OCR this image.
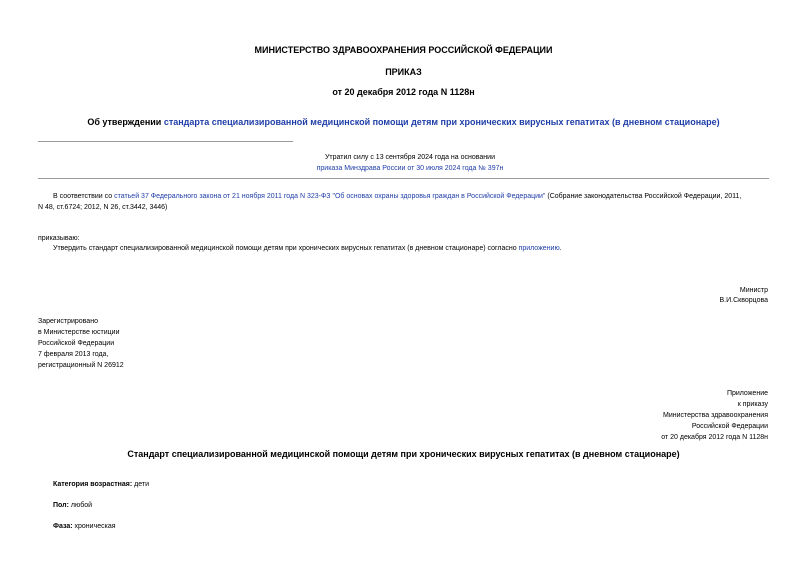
МИНИСТЕРСТВО ЗДРАВООХРАНЕНИЯ РОССИЙСКОЙ ФЕДЕРАЦИИ
ПРИКАЗ
от 20 декабря 2012 года N 1128н
Об утверждении стандарта специализированной медицинской помощи детям при хронических вирусных гепатитах (в дневном стационаре)
Утратил силу с 13 сентября 2024 года на основании
приказа Минздрава России от 30 июля 2024 года № 397н
В соответствии со статьей 37 Федерального закона от 21 ноября 2011 года N 323-ФЗ "Об основах охраны здоровья граждан в Российской Федерации" (Собрание законодательства Российской Федерации, 2011,
N 48, ст.6724; 2012, N 26, ст.3442, 3446)
приказываю:
Утвердить стандарт специализированной медицинской помощи детям при хронических вирусных гепатитах (в дневном стационаре) согласно приложению.
Министр
В.И.Скворцова
Зарегистрировано
в Министерстве юстиции
Российской Федерации
7 февраля 2013 года,
регистрационный N 26912
Приложение
к приказу
Министерства здравоохранения
Российской Федерации
от 20 декабря 2012 года N 1128н
Стандарт специализированной медицинской помощи детям при хронических вирусных гепатитах (в дневном стационаре)
Категория возрастная: дети
Пол: любой
Фаза: хроническая
